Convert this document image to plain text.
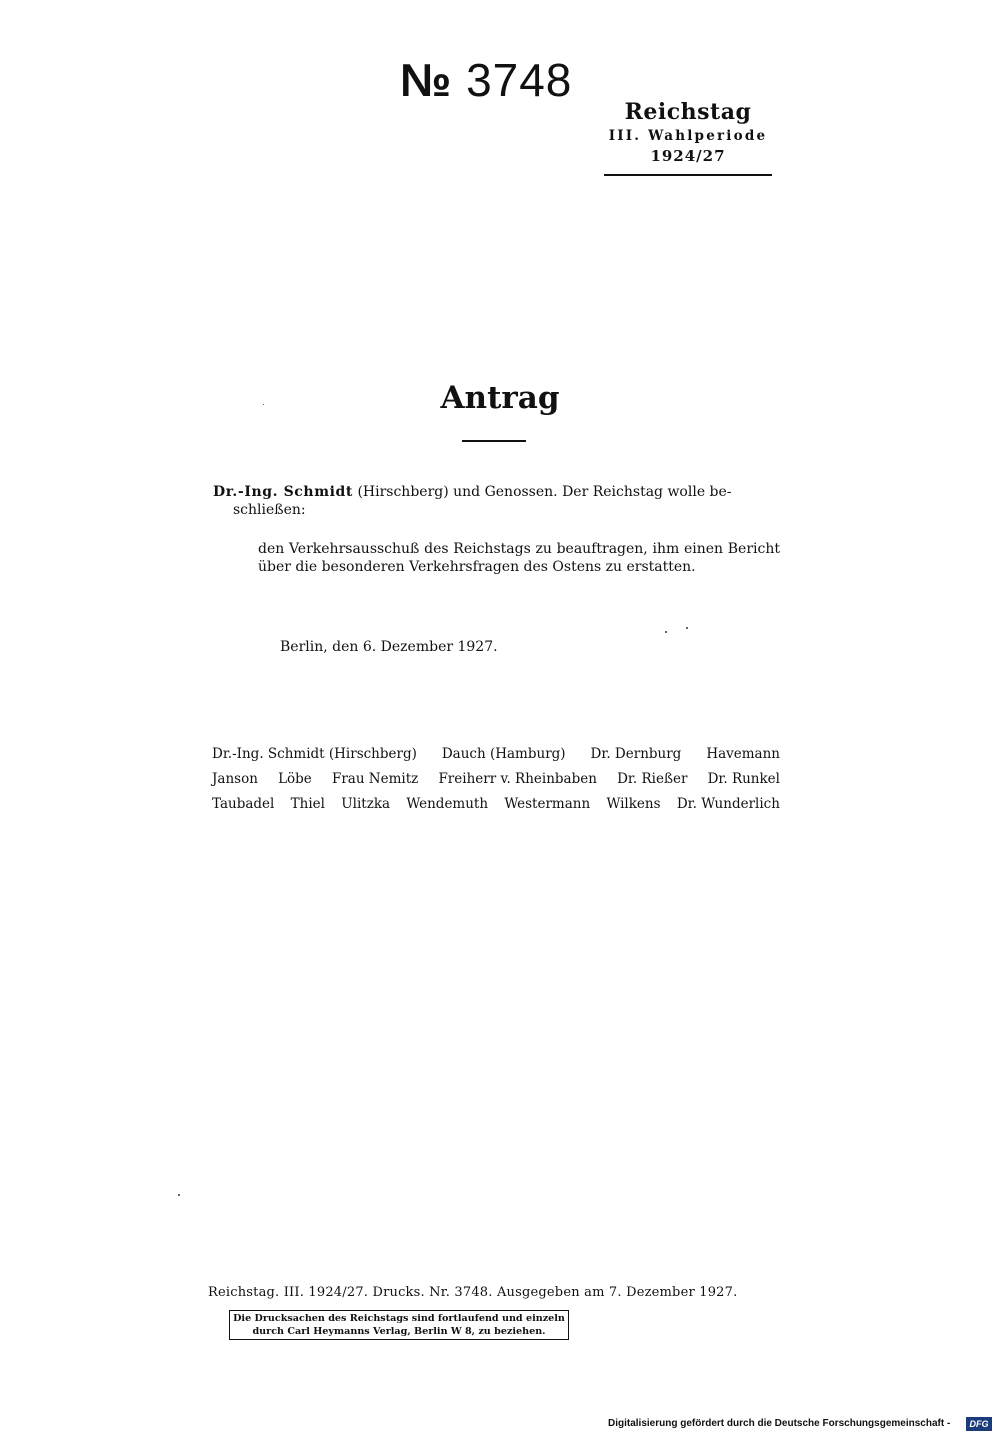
№ 3748
Reichstag
III. Wahlperiode
1924/27
Antrag
Dr.-Ing. Schmidt (Hirschberg) und Genossen. Der Reichstag wolle be-
schließen:
den Verkehrsausschuß des Reichstags zu beauftragen, ihm einen Bericht über die besonderen Verkehrsfragen des Ostens zu erstatten.
Berlin, den 6. Dezember 1927.
Dr.-Ing. Schmidt (Hirschberg) Dauch (Hamburg) Dr. Dernburg Havemann
Janson Löbe Frau Nemitz Freiherr v. Rheinbaben Dr. Rießer Dr. Runkel
Taubadel Thiel Ulitzka Wendemuth Westermann Wilkens Dr. Wunderlich
Reichstag. III. 1924/27. Drucks. Nr. 3748. Ausgegeben am 7. Dezember 1927.
Die Drucksachen des Reichstags sind fortlaufend und einzeln
durch Carl Heymanns Verlag, Berlin W 8, zu beziehen.
Digitalisierung gefördert durch die Deutsche Forschungsgemeinschaft -	DFG
